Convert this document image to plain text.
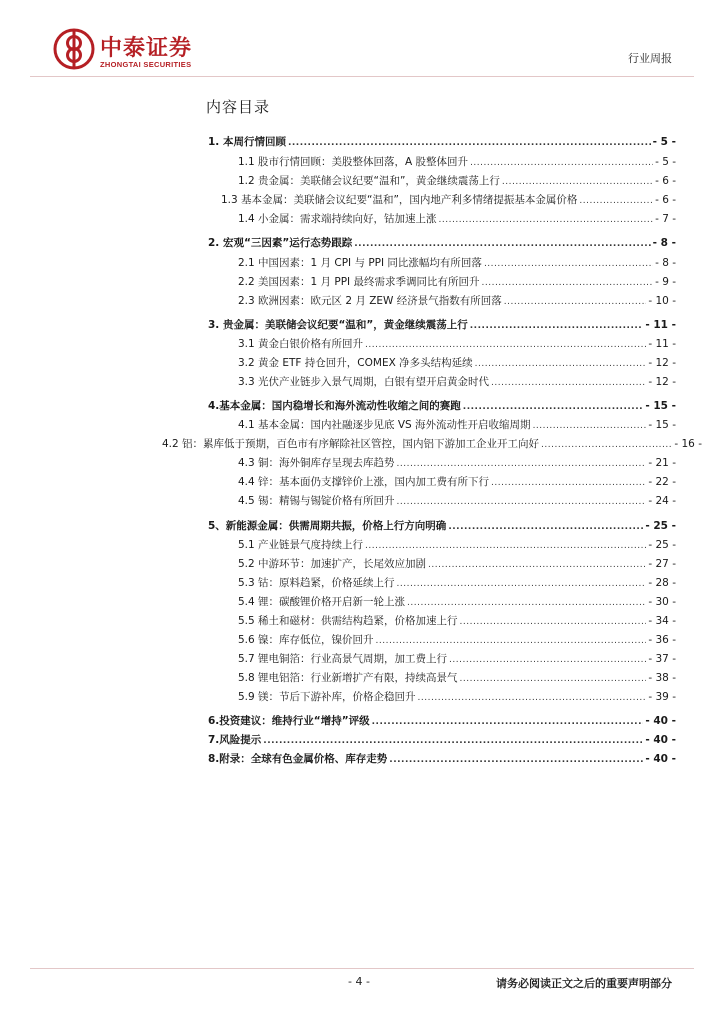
中泰证券
ZHONGTAI SECURITIES	行业周报
内容目录
1. 本周行情回顾 .....	- 5 -
1.1 股市行情回顾：美股整体回落，A 股整体回升 .....	- 5 -
1.2 贵金属：美联储会议纪要“温和”，黄金继续震荡上行 .....	- 6 -
1.3 基本金属：美联储会议纪要“温和”，国内地产利多情绪提振基本金属价格 .....	- 6 -
1.4 小金属：需求端持续向好，钴加速上涨 .....	- 7 -
2. 宏观“三因素”运行态势跟踪 .....	- 8 -
2.1 中国因素：1 月 CPI 与 PPI 同比涨幅均有所回落 .....	- 8 -
2.2 美国因素：1 月 PPI 最终需求季调同比有所回升 .....	- 9 -
2.3 欧洲因素：欧元区 2 月 ZEW 经济景气指数有所回落 .....	- 10 -
3. 贵金属：美联储会议纪要“温和”，黄金继续震荡上行 .....	- 11 -
3.1 黄金白银价格有所回升 .....	- 11 -
3.2 黄金 ETF 持仓回升，COMEX 净多头结构延续 .....	- 12 -
3.3 光伏产业链步入景气周期，白银有望开启黄金时代 .....	- 12 -
4.基本金属：国内稳增长和海外流动性收缩之间的赛跑 .....	- 15 -
4.1 基本金属：国内社融逐步见底 VS 海外流动性开启收缩周期 .....	- 15 -
4.2 铝：累库低于预期，百色市有序解除社区管控，国内铝下游加工企业开工向好 .....	- 16 -
4.3 铜：海外铜库存呈现去库趋势 .....	- 21 -
4.4 锌：基本面仍支撑锌价上涨，国内加工费有所下行 .....	- 22 -
4.5 锡：精锡与锡锭价格有所回升 .....	- 24 -
5、新能源金属：供需周期共振，价格上行方向明确 .....	- 25 -
5.1 产业链景气度持续上行 .....	- 25 -
5.2 中游环节：加速扩产，长尾效应加剧 .....	- 27 -
5.3 钴：原料趋紧，价格延续上行 .....	- 28 -
5.4 锂：碳酸锂价格开启新一轮上涨 .....	- 30 -
5.5 稀土和磁材：供需结构趋紧，价格加速上行 .....	- 34 -
5.6 镍：库存低位，镍价回升 .....	- 36 -
5.7 锂电铜箔：行业高景气周期，加工费上行 .....	- 37 -
5.8 锂电铝箔：行业新增扩产有限，持续高景气 .....	- 38 -
5.9 镁：节后下游补库，价格企稳回升 .....	- 39 -
6.投资建议：维持行业“增持”评级 .....	- 40 -
7.风险提示 .....	- 40 -
8.附录：全球有色金属价格、库存走势 .....	- 40 -
- 4 -	请务必阅读正文之后的重要声明部分
